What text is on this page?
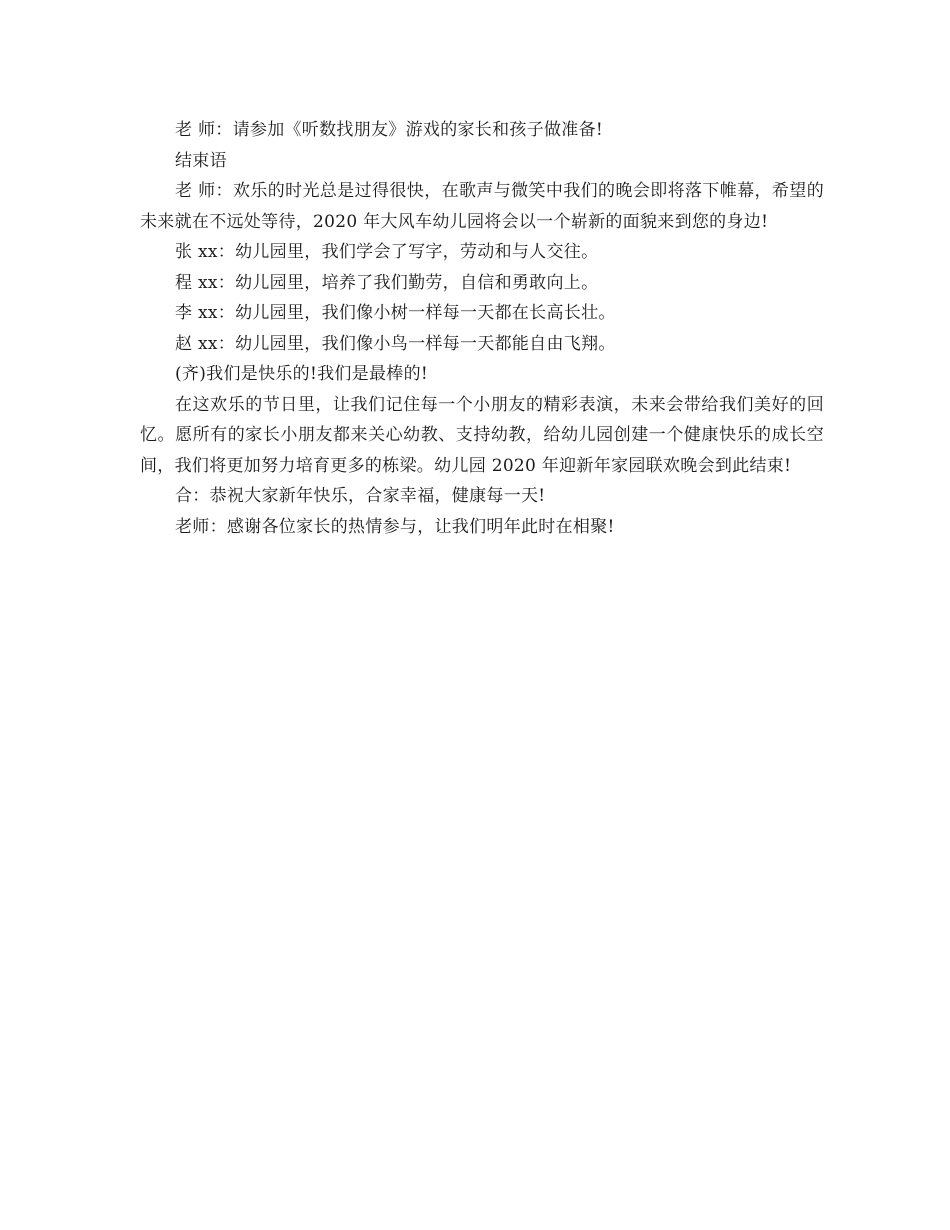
老 师：请参加《听数找朋友》游戏的家长和孩子做准备!

结束语

老 师：欢乐的时光总是过得很快，在歌声与微笑中我们的晚会即将落下帷幕，希望的未来就在不远处等待，2020 年大风车幼儿园将会以一个崭新的面貌来到您的身边!

张 xx：幼儿园里，我们学会了写字，劳动和与人交往。

程 xx：幼儿园里，培养了我们勤劳，自信和勇敢向上。

李 xx：幼儿园里，我们像小树一样每一天都在长高长壮。

赵 xx：幼儿园里，我们像小鸟一样每一天都能自由飞翔。

(齐)我们是快乐的!我们是最棒的!

在这欢乐的节日里，让我们记住每一个小朋友的精彩表演，未来会带给我们美好的回忆。愿所有的家长小朋友都来关心幼教、支持幼教，给幼儿园创建一个健康快乐的成长空间，我们将更加努力培育更多的栋梁。幼儿园 2020 年迎新年家园联欢晚会到此结束!

合：恭祝大家新年快乐，合家幸福，健康每一天!

老师：感谢各位家长的热情参与，让我们明年此时在相聚!
